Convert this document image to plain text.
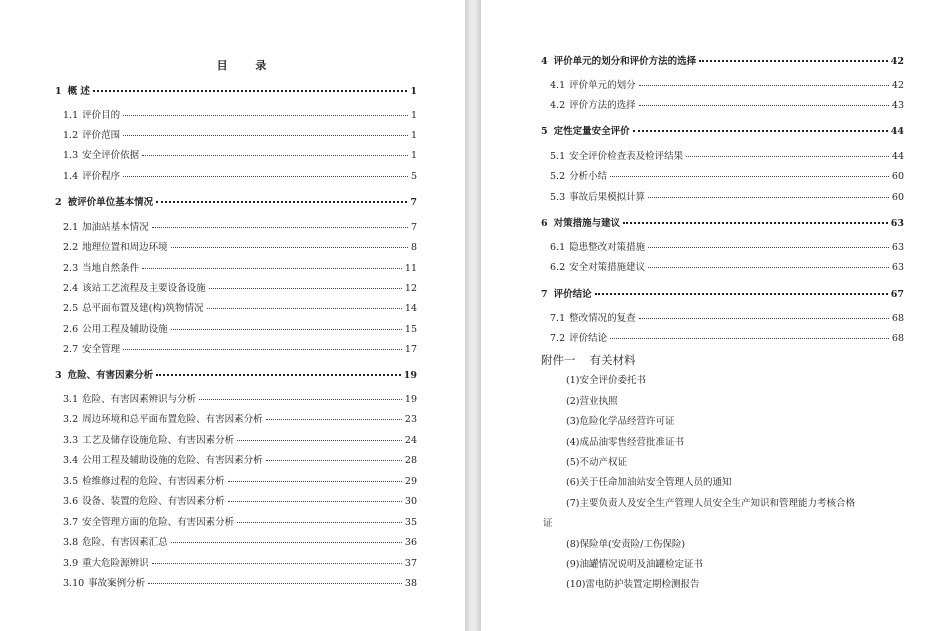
目 录
1 概 述	1
1.1 评价目的	1
1.2 评价范围	1
1.3 安全评价依据	1
1.4 评价程序	5
2 被评价单位基本情况	7
2.1 加油站基本情况	7
2.2 地理位置和周边环境	8
2.3 当地自然条件	11
2.4 该站工艺流程及主要设备设施	12
2.5 总平面布置及建(构)筑物情况	14
2.6 公用工程及辅助设施	15
2.7 安全管理	17
3 危险、有害因素分析	19
3.1 危险、有害因素辨识与分析	19
3.2 周边环境和总平面布置危险、有害因素分析	23
3.3 工艺及储存设施危险、有害因素分析	24
3.4 公用工程及辅助设施的危险、有害因素分析	28
3.5 检维修过程的危险、有害因素分析	29
3.6 设备、装置的危险、有害因素分析	30
3.7 安全管理方面的危险、有害因素分析	35
3.8 危险、有害因素汇总	36
3.9 重大危险源辨识	37
3.10 事故案例分析	38
4 评价单元的划分和评价方法的选择	42
4.1 评价单元的划分	42
4.2 评价方法的选择	43
5 定性定量安全评价	44
5.1 安全评价检查表及检评结果	44
5.2 分析小结	60
5.3 事故后果模拟计算	60
6 对策措施与建议	63
6.1 隐患整改对策措施	63
6.2 安全对策措施建议	63
7 评价结论	67
7.1 整改情况的复查	68
7.2 评价结论	68
附件一 有关材料
(1)安全评价委托书
(2)营业执照
(3)危险化学品经营许可证
(4)成品油零售经营批准证书
(5)不动产权证
(6)关于任命加油站安全管理人员的通知
(7)主要负责人及安全生产管理人员安全生产知识和管理能力考核合格
证
(8)保险单(安责险/工伤保险)
(9)油罐情况说明及油罐检定证书
(10)雷电防护装置定期检测报告
